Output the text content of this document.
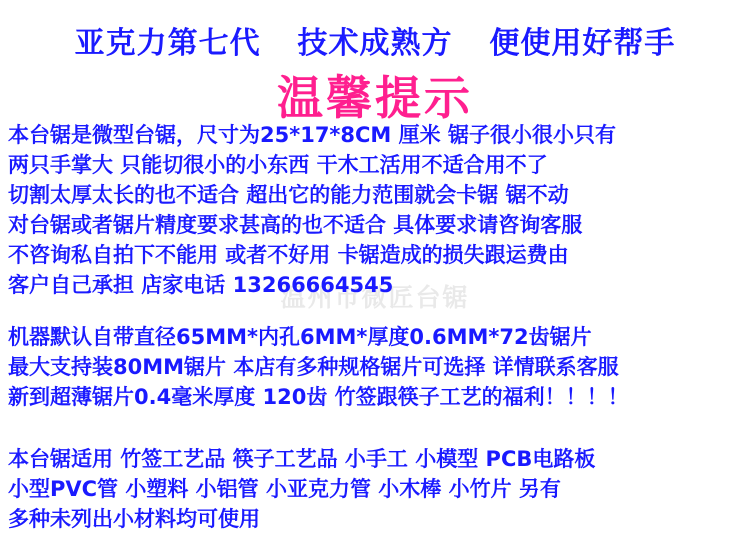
亚克力第七代 技术成熟方 便使用好帮手
温馨提示
温州市微匠台锯
本台锯是微型台锯，尺寸为25*17*8CM 厘米 锯子很小很小只有
两只手掌大 只能切很小的小东西 干木工活用不适合用不了
切割太厚太长的也不适合 超出它的能力范围就会卡锯 锯不动
对台锯或者锯片精度要求甚高的也不适合 具体要求请咨询客服
不咨询私自拍下不能用 或者不好用 卡锯造成的损失跟运费由
客户自己承担 店家电话 13266664545
机器默认自带直径65MM*内孔6MM*厚度0.6MM*72齿锯片
最大支持装80MM锯片 本店有多种规格锯片可选择 详情联系客服
新到超薄锯片0.4毫米厚度 120齿 竹签跟筷子工艺的福利！！！！
本台锯适用 竹签工艺品 筷子工艺品 小手工 小模型 PCB电路板
小型PVC管 小塑料 小铝管 小亚克力管 小木棒 小竹片 另有
多种未列出小材料均可使用
